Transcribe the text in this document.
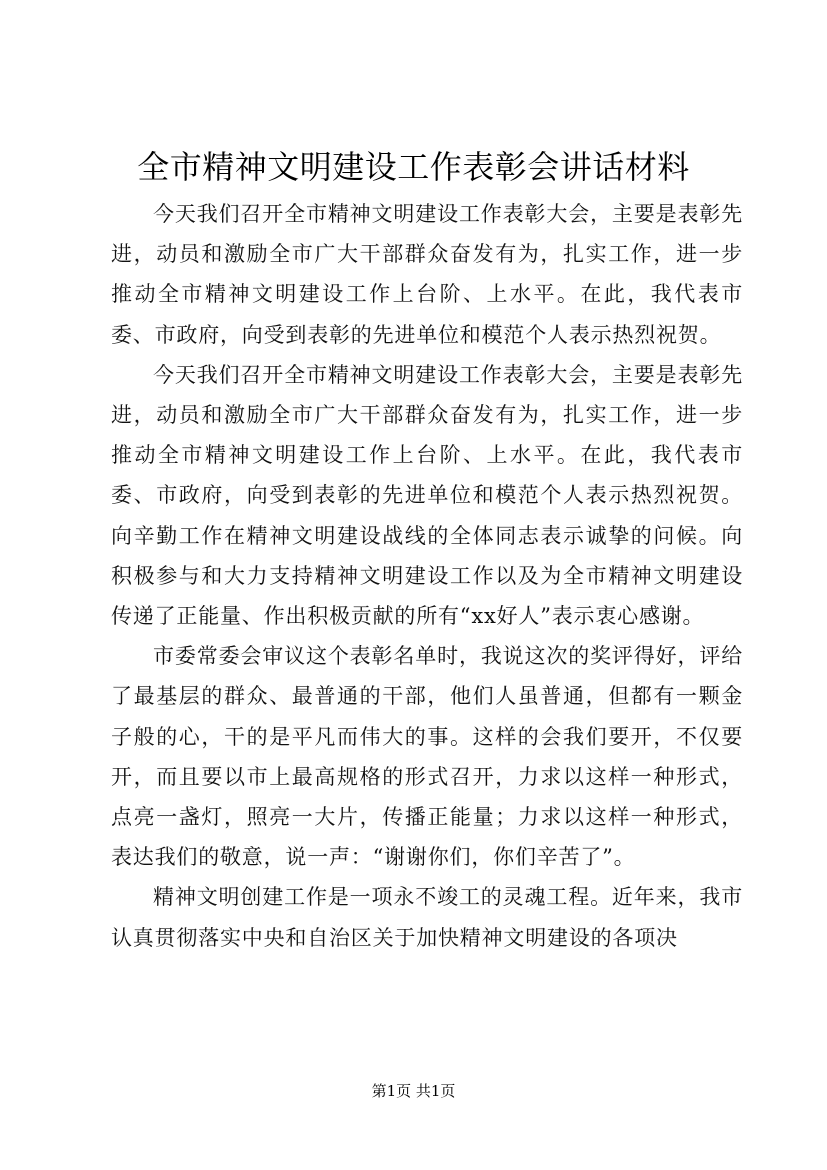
全市精神文明建设工作表彰会讲话材料

今天我们召开全市精神文明建设工作表彰大会，主要是表彰先进，动员和激励全市广大干部群众奋发有为，扎实工作，进一步推动全市精神文明建设工作上台阶、上水平。在此，我代表市委、市政府，向受到表彰的先进单位和模范个人表示热烈祝贺。

今天我们召开全市精神文明建设工作表彰大会，主要是表彰先进，动员和激励全市广大干部群众奋发有为，扎实工作，进一步推动全市精神文明建设工作上台阶、上水平。在此，我代表市委、市政府，向受到表彰的先进单位和模范个人表示热烈祝贺。向辛勤工作在精神文明建设战线的全体同志表示诚挚的问候。向积极参与和大力支持精神文明建设工作以及为全市精神文明建设传递了正能量、作出积极贡献的所有“xx好人”表示衷心感谢。

市委常委会审议这个表彰名单时，我说这次的奖评得好，评给了最基层的群众、最普通的干部，他们人虽普通，但都有一颗金子般的心，干的是平凡而伟大的事。这样的会我们要开，不仅要开，而且要以市上最高规格的形式召开，力求以这样一种形式，点亮一盏灯，照亮一大片，传播正能量；力求以这样一种形式，表达我们的敬意，说一声：“谢谢你们，你们辛苦了”。

精神文明创建工作是一项永不竣工的灵魂工程。近年来，我市认真贯彻落实中央和自治区关于加快精神文明建设的各项决

第1页 共1页
